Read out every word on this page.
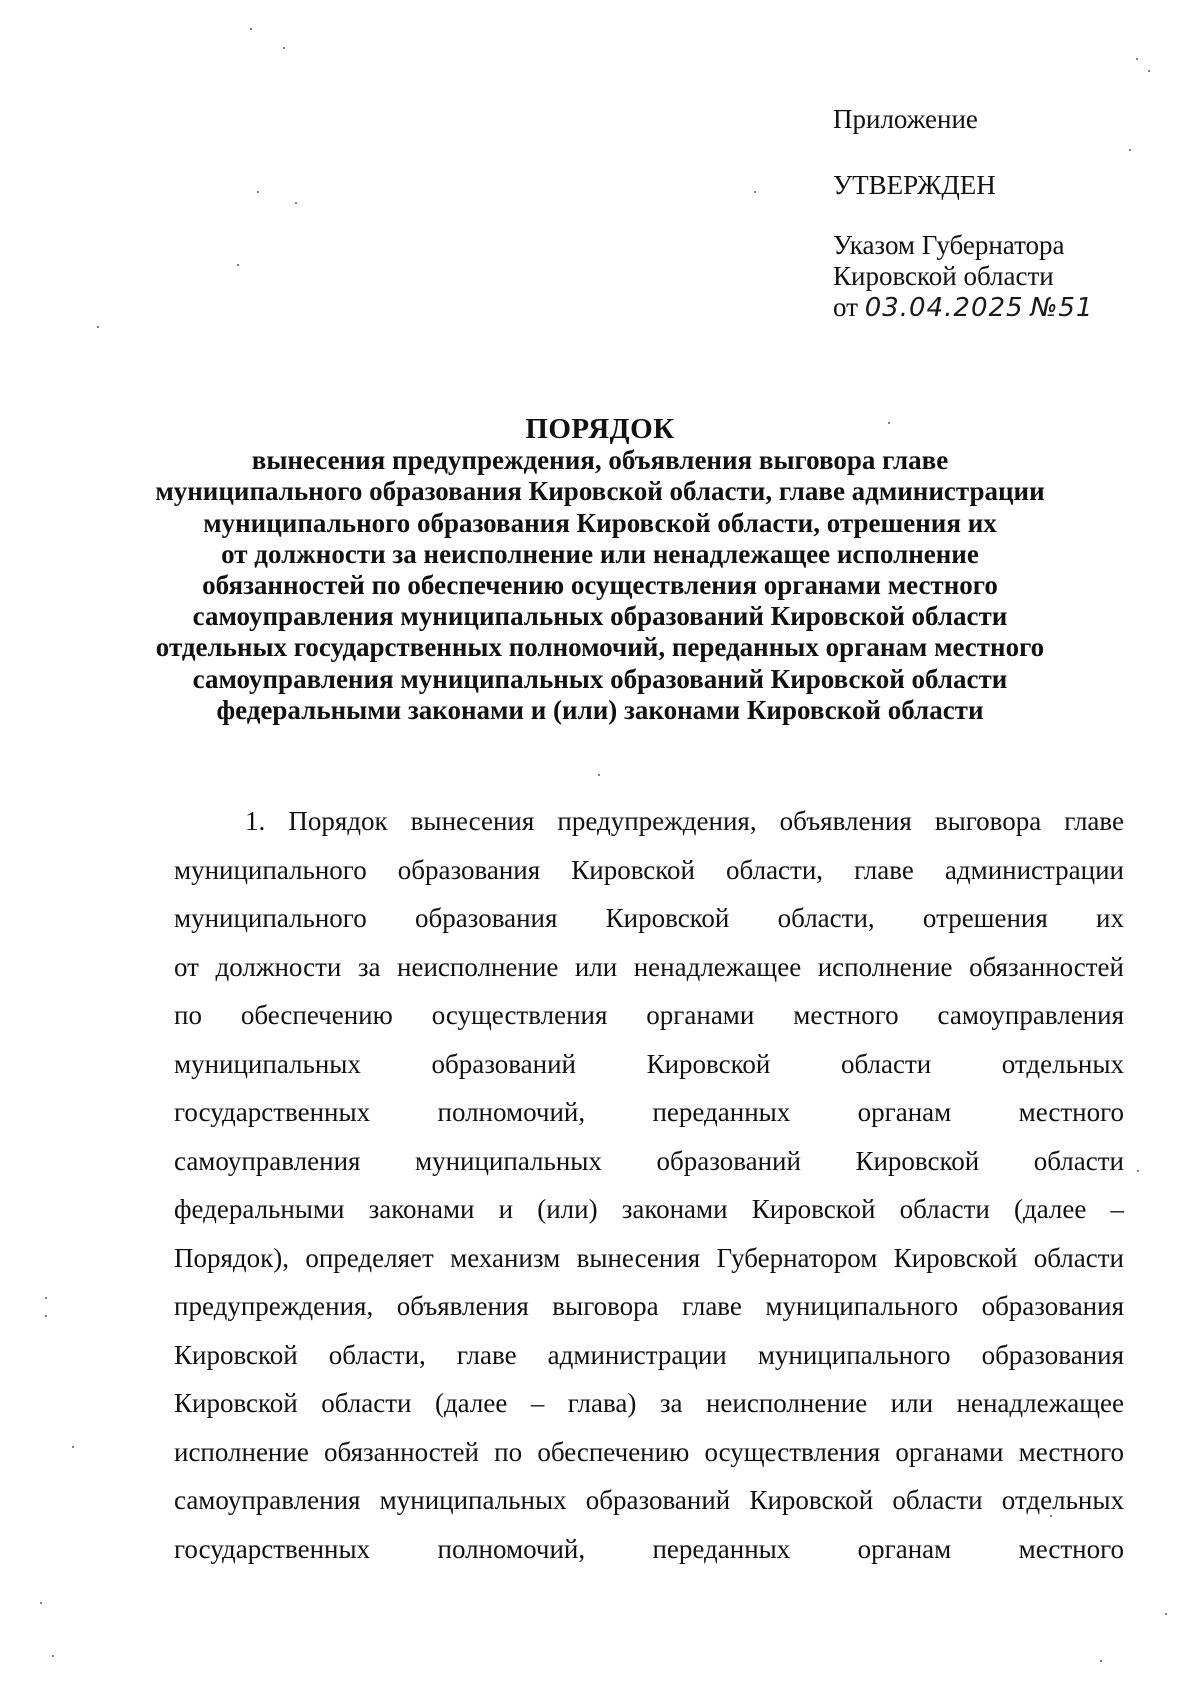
Приложение
УТВЕРЖДЕН
Указом Губернатора
Кировской области
от 03.04.2025 №51
ПОРЯДОК
вынесения предупреждения, объявления выговора главе
муниципального образования Кировской области, главе администрации
муниципального образования Кировской области, отрешения их
от должности за неисполнение или ненадлежащее исполнение
обязанностей по обеспечению осуществления органами местного
самоуправления муниципальных образований Кировской области
отдельных государственных полномочий, переданных органам местного
самоуправления муниципальных образований Кировской области
федеральными законами и (или) законами Кировской области
1. Порядок вынесения предупреждения, объявления выговора главе
муниципального образования Кировской области, главе администрации
муниципального образования Кировской области, отрешения их
от должности за неисполнение или ненадлежащее исполнение обязанностей
по обеспечению осуществления органами местного самоуправления
муниципальных образований Кировской области отдельных
государственных полномочий, переданных органам местного
самоуправления муниципальных образований Кировской области
федеральными законами и (или) законами Кировской области (далее –
Порядок), определяет механизм вынесения Губернатором Кировской области
предупреждения, объявления выговора главе муниципального образования
Кировской области, главе администрации муниципального образования
Кировской области (далее – глава) за неисполнение или ненадлежащее
исполнение обязанностей по обеспечению осуществления органами местного
самоуправления муниципальных образований Кировской области отдельных
государственных полномочий, переданных органам местного
